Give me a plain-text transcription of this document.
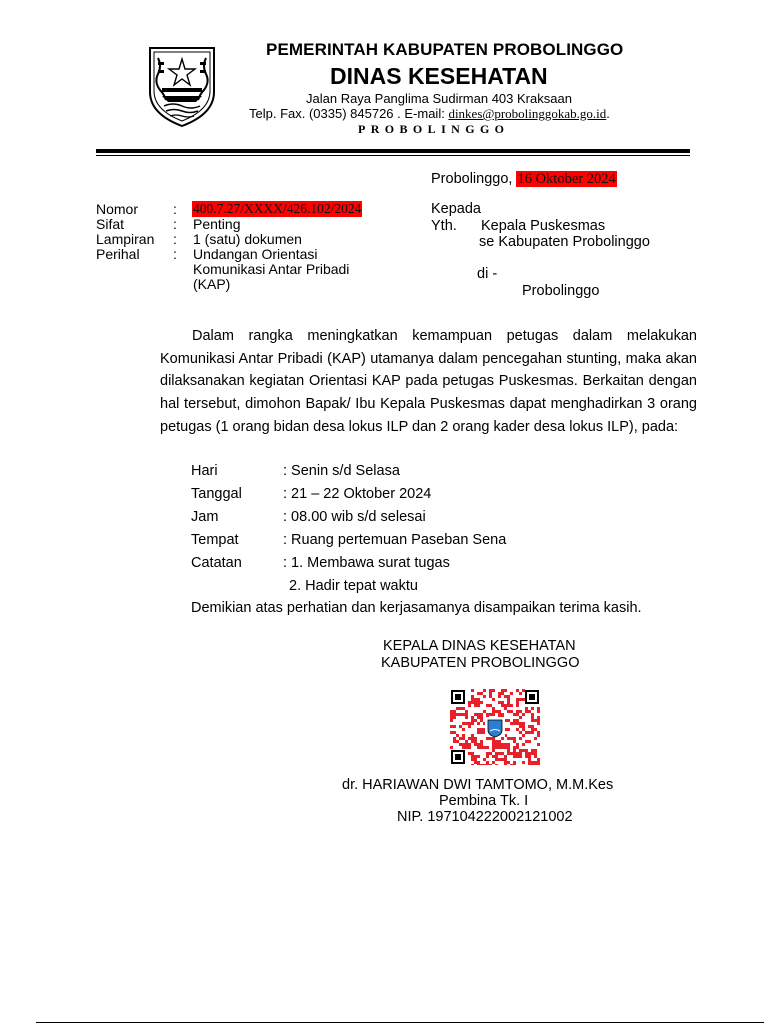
PEMERINTAH KABUPATEN PROBOLINGGO
DINAS KESEHATAN
Jalan Raya Panglima Sudirman 403 Kraksaan
Telp. Fax. (0335) 845726 . E-mail: dinkes@probolinggokab.go.id.
PROBOLINGGO
Probolinggo, 16 Oktober 2024
Nomor : 400.7.27/XXXX/426.102/2024
Sifat	: Penting
Lampiran : 1 (satu) dokumen
Perihal : Undangan Orientasi
Komunikasi Antar Pribadi
(KAP)
Kepada
Yth. Kepala Puskesmas
se Kabupaten Probolinggo
di -
Probolinggo

Dalam rangka meningkatkan kemampuan petugas dalam melakukan Komunikasi Antar Pribadi (KAP) utamanya dalam pencegahan stunting, maka akan dilaksanakan kegiatan Orientasi KAP pada petugas Puskesmas. Berkaitan dengan hal tersebut, dimohon Bapak/ Ibu Kepala Puskesmas dapat menghadirkan 3 orang petugas (1 orang bidan desa lokus ILP dan 2 orang kader desa lokus ILP), pada:

Hari	: Senin s/d Selasa
Tanggal	: 21 – 22 Oktober 2024
Jam	: 08.00 wib s/d selesai
Tempat	: Ruang pertemuan Paseban Sena
Catatan	: 1. Membawa surat tugas
2. Hadir tepat waktu
Demikian atas perhatian dan kerjasamanya disampaikan terima kasih.
KEPALA DINAS KESEHATAN
KABUPATEN PROBOLINGGO
dr. HARIAWAN DWI TAMTOMO, M.M.Kes
Pembina Tk. I
NIP. 197104222002121002
